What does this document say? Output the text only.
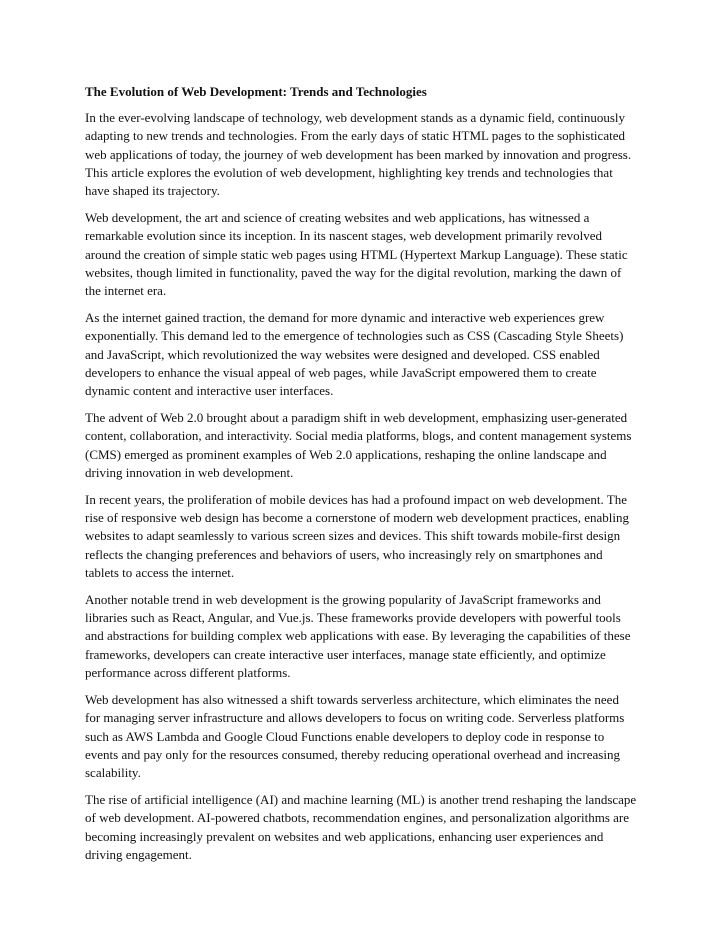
The Evolution of Web Development: Trends and Technologies

In the ever-evolving landscape of technology, web development stands as a dynamic field, continuously adapting to new trends and technologies. From the early days of static HTML pages to the sophisticated web applications of today, the journey of web development has been marked by innovation and progress. This article explores the evolution of web development, highlighting key trends and technologies that have shaped its trajectory.

Web development, the art and science of creating websites and web applications, has witnessed a remarkable evolution since its inception. In its nascent stages, web development primarily revolved around the creation of simple static web pages using HTML (Hypertext Markup Language). These static websites, though limited in functionality, paved the way for the digital revolution, marking the dawn of the internet era.

As the internet gained traction, the demand for more dynamic and interactive web experiences grew exponentially. This demand led to the emergence of technologies such as CSS (Cascading Style Sheets) and JavaScript, which revolutionized the way websites were designed and developed. CSS enabled developers to enhance the visual appeal of web pages, while JavaScript empowered them to create dynamic content and interactive user interfaces.

The advent of Web 2.0 brought about a paradigm shift in web development, emphasizing user-generated content, collaboration, and interactivity. Social media platforms, blogs, and content management systems (CMS) emerged as prominent examples of Web 2.0 applications, reshaping the online landscape and driving innovation in web development.

In recent years, the proliferation of mobile devices has had a profound impact on web development. The rise of responsive web design has become a cornerstone of modern web development practices, enabling websites to adapt seamlessly to various screen sizes and devices. This shift towards mobile-first design reflects the changing preferences and behaviors of users, who increasingly rely on smartphones and tablets to access the internet.

Another notable trend in web development is the growing popularity of JavaScript frameworks and libraries such as React, Angular, and Vue.js. These frameworks provide developers with powerful tools and abstractions for building complex web applications with ease. By leveraging the capabilities of these frameworks, developers can create interactive user interfaces, manage state efficiently, and optimize performance across different platforms.

Web development has also witnessed a shift towards serverless architecture, which eliminates the need for managing server infrastructure and allows developers to focus on writing code. Serverless platforms such as AWS Lambda and Google Cloud Functions enable developers to deploy code in response to events and pay only for the resources consumed, thereby reducing operational overhead and increasing scalability.

The rise of artificial intelligence (AI) and machine learning (ML) is another trend reshaping the landscape of web development. AI-powered chatbots, recommendation engines, and personalization algorithms are becoming increasingly prevalent on websites and web applications, enhancing user experiences and driving engagement.
